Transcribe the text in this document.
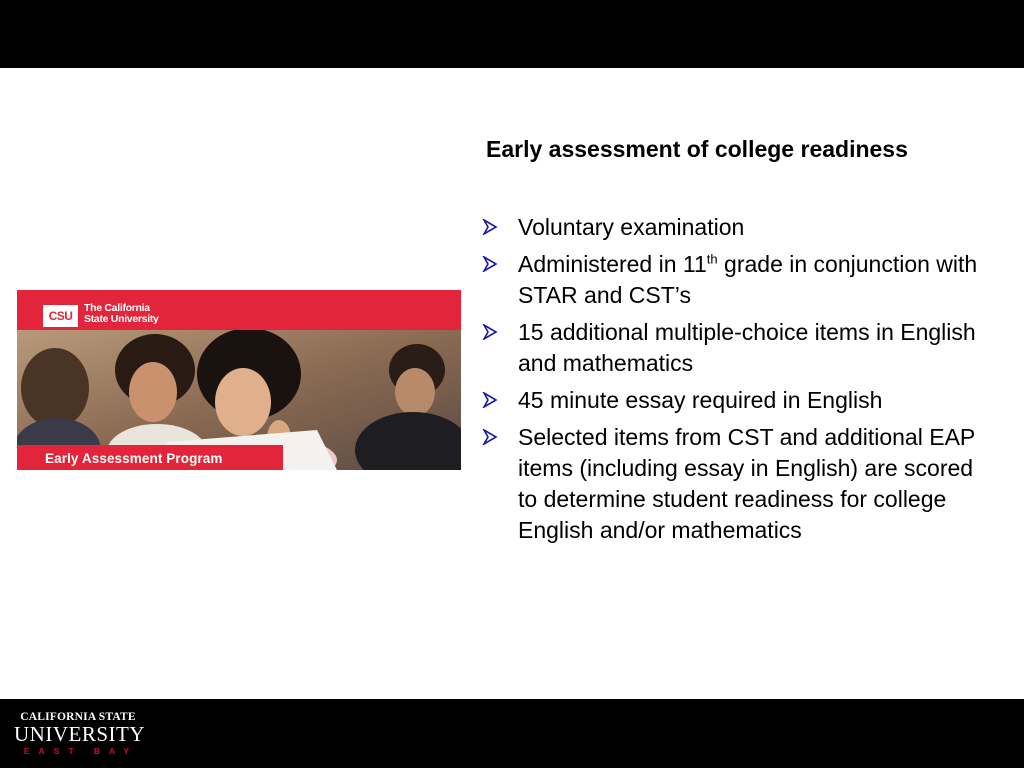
Early assessment of college readiness
Voluntary examination
Administered in 11th grade in conjunction with STAR and CST’s
15 additional multiple-choice items in English and mathematics
45 minute essay required in English
Selected items from CST and additional EAP items (including essay in English) are scored to determine student readiness for college English and/or mathematics
CSU
The California
State University
Early Assessment Program
CALIFORNIA STATE
UNIVERSITY
EAST BAY
